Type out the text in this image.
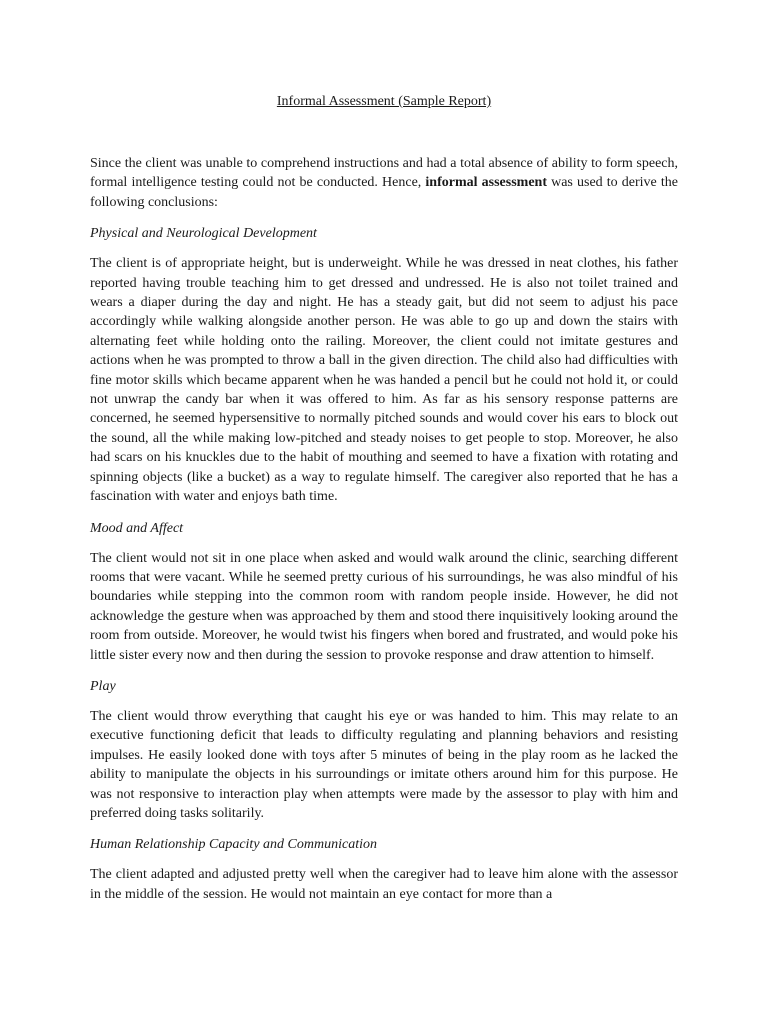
Informal Assessment (Sample Report)

Since the client was unable to comprehend instructions and had a total absence of ability to form speech, formal intelligence testing could not be conducted. Hence, informal assessment was used to derive the following conclusions:

Physical and Neurological Development

The client is of appropriate height, but is underweight. While he was dressed in neat clothes, his father reported having trouble teaching him to get dressed and undressed. He is also not toilet trained and wears a diaper during the day and night. He has a steady gait, but did not seem to adjust his pace accordingly while walking alongside another person. He was able to go up and down the stairs with alternating feet while holding onto the railing. Moreover, the client could not imitate gestures and actions when he was prompted to throw a ball in the given direction. The child also had difficulties with fine motor skills which became apparent when he was handed a pencil but he could not hold it, or could not unwrap the candy bar when it was offered to him. As far as his sensory response patterns are concerned, he seemed hypersensitive to normally pitched sounds and would cover his ears to block out the sound, all the while making low-pitched and steady noises to get people to stop. Moreover, he also had scars on his knuckles due to the habit of mouthing and seemed to have a fixation with rotating and spinning objects (like a bucket) as a way to regulate himself. The caregiver also reported that he has a fascination with water and enjoys bath time.

Mood and Affect

The client would not sit in one place when asked and would walk around the clinic, searching different rooms that were vacant. While he seemed pretty curious of his surroundings, he was also mindful of his boundaries while stepping into the common room with random people inside. However, he did not acknowledge the gesture when was approached by them and stood there inquisitively looking around the room from outside. Moreover, he would twist his fingers when bored and frustrated, and would poke his little sister every now and then during the session to provoke response and draw attention to himself.

Play

The client would throw everything that caught his eye or was handed to him. This may relate to an executive functioning deficit that leads to difficulty regulating and planning behaviors and resisting impulses. He easily looked done with toys after 5 minutes of being in the play room as he lacked the ability to manipulate the objects in his surroundings or imitate others around him for this purpose. He was not responsive to interaction play when attempts were made by the assessor to play with him and preferred doing tasks solitarily.

Human Relationship Capacity and Communication

The client adapted and adjusted pretty well when the caregiver had to leave him alone with the assessor in the middle of the session. He would not maintain an eye contact for more than a
